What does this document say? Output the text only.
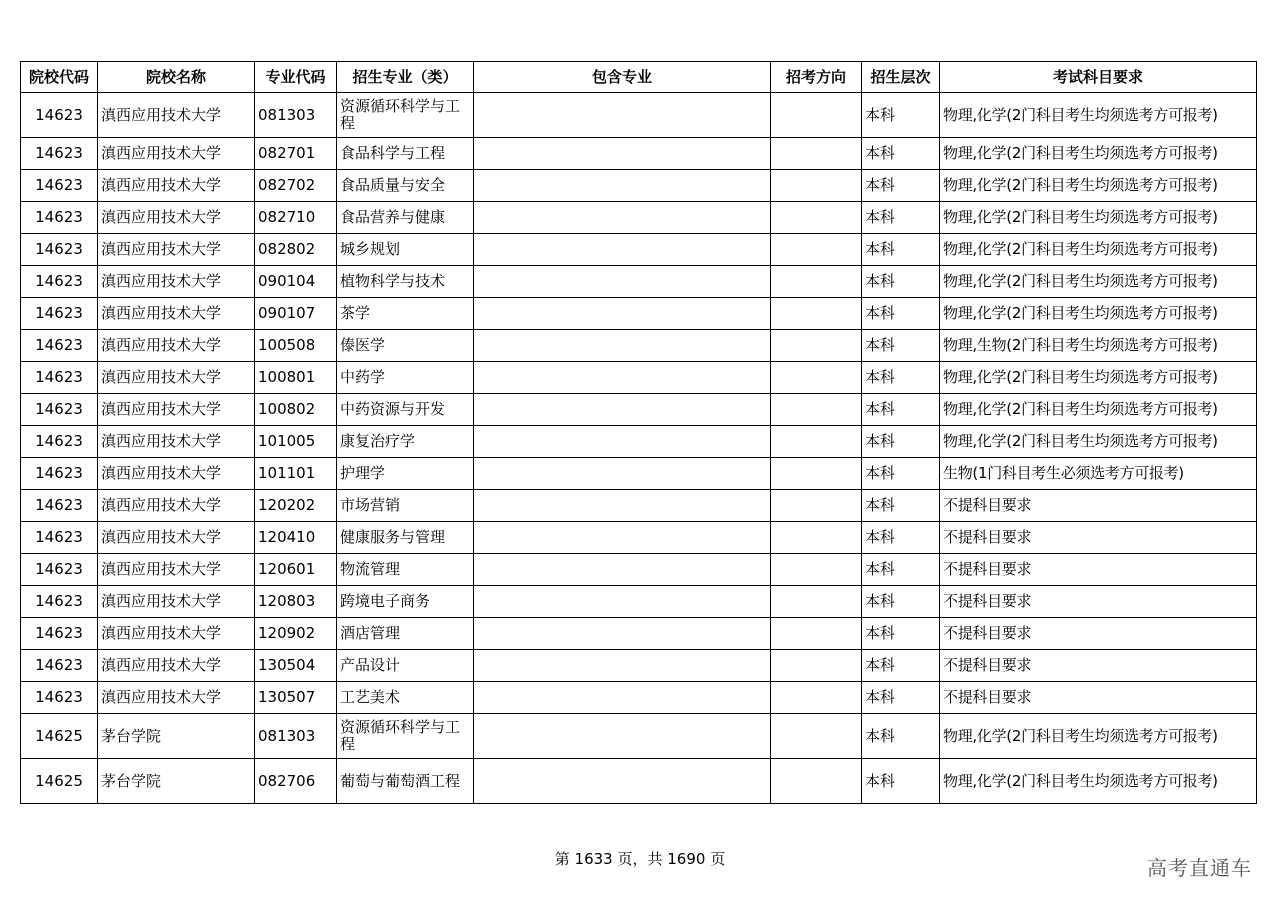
院校代码	院校名称	专业代码	招生专业（类）	包含专业	招考方向	招生层次	考试科目要求
14623	滇西应用技术大学	081303	资源循环科学与工程			本科	物理,化学(2门科目考生均须选考方可报考)
14623	滇西应用技术大学	082701	食品科学与工程			本科	物理,化学(2门科目考生均须选考方可报考)
14623	滇西应用技术大学	082702	食品质量与安全			本科	物理,化学(2门科目考生均须选考方可报考)
14623	滇西应用技术大学	082710	食品营养与健康			本科	物理,化学(2门科目考生均须选考方可报考)
14623	滇西应用技术大学	082802	城乡规划			本科	物理,化学(2门科目考生均须选考方可报考)
14623	滇西应用技术大学	090104	植物科学与技术			本科	物理,化学(2门科目考生均须选考方可报考)
14623	滇西应用技术大学	090107	茶学			本科	物理,化学(2门科目考生均须选考方可报考)
14623	滇西应用技术大学	100508	傣医学			本科	物理,生物(2门科目考生均须选考方可报考)
14623	滇西应用技术大学	100801	中药学			本科	物理,化学(2门科目考生均须选考方可报考)
14623	滇西应用技术大学	100802	中药资源与开发			本科	物理,化学(2门科目考生均须选考方可报考)
14623	滇西应用技术大学	101005	康复治疗学			本科	物理,化学(2门科目考生均须选考方可报考)
14623	滇西应用技术大学	101101	护理学			本科	生物(1门科目考生必须选考方可报考)
14623	滇西应用技术大学	120202	市场营销			本科	不提科目要求
14623	滇西应用技术大学	120410	健康服务与管理			本科	不提科目要求
14623	滇西应用技术大学	120601	物流管理			本科	不提科目要求
14623	滇西应用技术大学	120803	跨境电子商务			本科	不提科目要求
14623	滇西应用技术大学	120902	酒店管理			本科	不提科目要求
14623	滇西应用技术大学	130504	产品设计			本科	不提科目要求
14623	滇西应用技术大学	130507	工艺美术			本科	不提科目要求
14625	茅台学院	081303	资源循环科学与工程			本科	物理,化学(2门科目考生均须选考方可报考)
14625	茅台学院	082706	葡萄与葡萄酒工程			本科	物理,化学(2门科目考生均须选考方可报考)
第 1633 页，共 1690 页	高考直通车
